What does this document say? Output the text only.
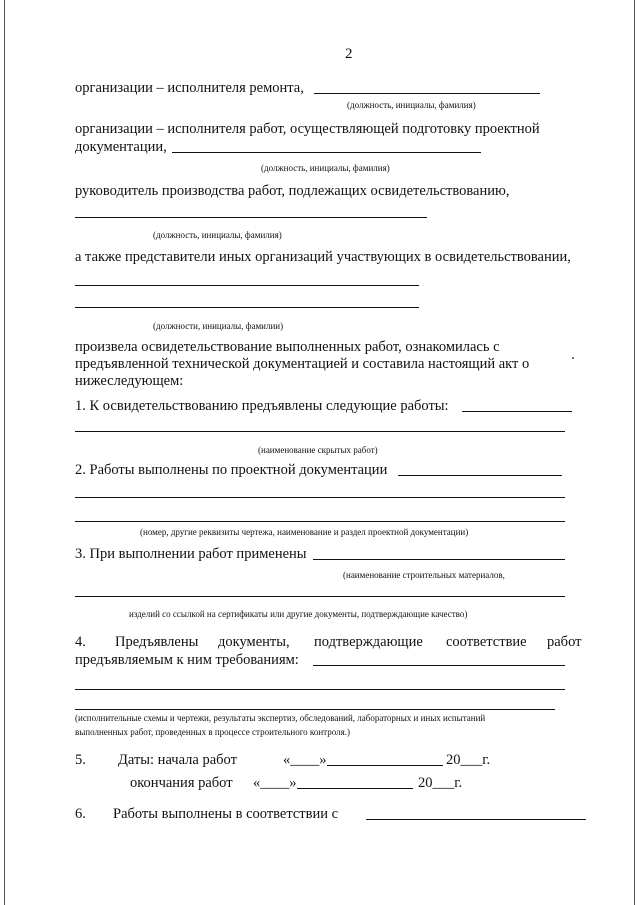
2
организации – исполнителя ремонта,
(должность, инициалы, фамилия)
организации – исполнителя работ, осуществляющей подготовку проектной
документации,
(должность, инициалы, фамилия)
руководитель производства работ, подлежащих освидетельствованию,
(должность, инициалы, фамилия)
а также представители иных организаций участвующих в освидетельствовании,
(должности, инициалы, фамилии)
произвела освидетельствование выполненных работ, ознакомилась с
предъявленной технической документацией и составила настоящий акт о
нижеследующем:
1. К освидетельствованию предъявлены следующие работы:
(наименование скрытых работ)
2. Работы выполнены по проектной документации
(номер, другие реквизиты чертежа, наименование и раздел проектной документации)
3. При выполнении работ применены
(наименование строительных материалов,
изделий со ссылкой на сертификаты или другие документы, подтверждающие качество)
4. Предъявлены документы, подтверждающие соответствие работ
предъявляемым к ним требованиям:
(исполнительные схемы и чертежи, результаты экспертиз, обследований, лабораторных и иных испытаний
выполненных работ, проведенных в процессе строительного контроля.)
5. Даты: начала работ	«____»	20___г.
окончания работ «____»	20___г.
6. Работы выполнены в соответствии с
